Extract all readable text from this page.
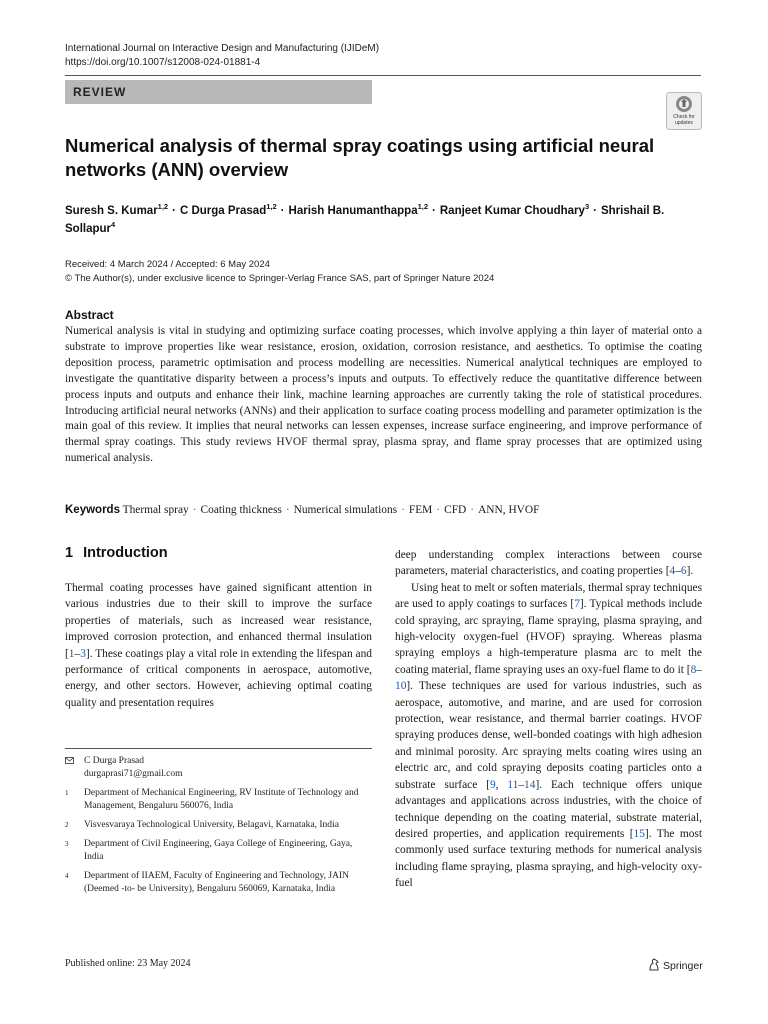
International Journal on Interactive Design and Manufacturing (IJIDeM)
https://doi.org/10.1007/s12008-024-01881-4
REVIEW
Check for
updates
Numerical analysis of thermal spray coatings using artificial neural networks (ANN) overview
Suresh S. Kumar$^{1,2}$ · C Durga Prasad$^{1,2}$ · Harish Hanumanthappa$^{1,2}$ · Ranjeet Kumar Choudhary$^3$ · Shrishail B. Sollapur$^4$
Received: 4 March 2024 / Accepted: 6 May 2024
© The Author(s), under exclusive licence to Springer-Verlag France SAS, part of Springer Nature 2024
Abstract
Numerical analysis is vital in studying and optimizing surface coating processes, which involve applying a thin layer of material onto a substrate to improve properties like wear resistance, erosion, oxidation, corrosion resistance, and aesthetics. To optimise the coating deposition process, parametric optimisation and process modelling are necessities. Numerical analytical techniques are employed to investigate the quantitative disparity between a process’s inputs and outputs. To effectively reduce the quantitative difference between process inputs and outputs and enhance their link, machine learning approaches are currently taking the role of statistical procedures. Introducing artificial neural networks (ANNs) and their application to surface coating process modelling and parameter optimization is the main goal of this review. It implies that neural networks can lessen expenses, increase surface engineering, and improve performance of thermal spray coatings. This study reviews HVOF thermal spray, plasma spray, and flame spray processes that are optimized using numerical analysis.
Keywords Thermal spray · Coating thickness · Numerical simulations · FEM · CFD · ANN, HVOF
1 Introduction

Thermal coating processes have gained significant attention in various industries due to their skill to improve the surface properties of materials, such as increased wear resistance, improved corrosion protection, and enhanced thermal insulation [1–3]. These coatings play a vital role in extending the lifespan and performance of critical components in aerospace, automotive, energy, and other sectors. However, achieving optimal coating quality and presentation requires

deep understanding complex interactions between course parameters, material characteristics, and coating properties [4–6].

Using heat to melt or soften materials, thermal spray techniques are used to apply coatings to surfaces [7]. Typical methods include cold spraying, arc spraying, flame spraying, plasma spraying, and high-velocity oxygen-fuel (HVOF) spraying. Whereas plasma spraying employs a high-temperature plasma arc to melt the coating material, flame spraying uses an oxy-fuel flame to do it [8–10]. These techniques are used for various industries, such as aerospace, automotive, and marine, and are used for corrosion protection, wear resistance, and thermal barrier coatings. HVOF spraying produces dense, well-bonded coatings with high adhesion and minimal porosity. Arc spraying melts coating wires using an electric arc, and cold spraying deposits coating particles onto a substrate surface [9, 11–14]. Each technique offers unique advantages and applications across industries, with the choice of technique depending on the coating material, substrate material, desired properties, and application requirements [15]. The most commonly used surface texturing methods for numerical analysis including flame spraying, plasma spraying, and high-velocity oxy-fuel

C Durga Prasad
durgaprasi71@gmail.com
1 Department of Mechanical Engineering, RV Institute of Technology and Management, Bengaluru 560076, India
2 Visvesvaraya Technological University, Belagavi, Karnataka, India
3 Department of Civil Engineering, Gaya College of Engineering, Gaya, India
4 Department of IIAEM, Faculty of Engineering and Technology, JAIN (Deemed -to- be University), Bengaluru 560069, Karnataka, India
Published online: 23 May 2024	Springer
